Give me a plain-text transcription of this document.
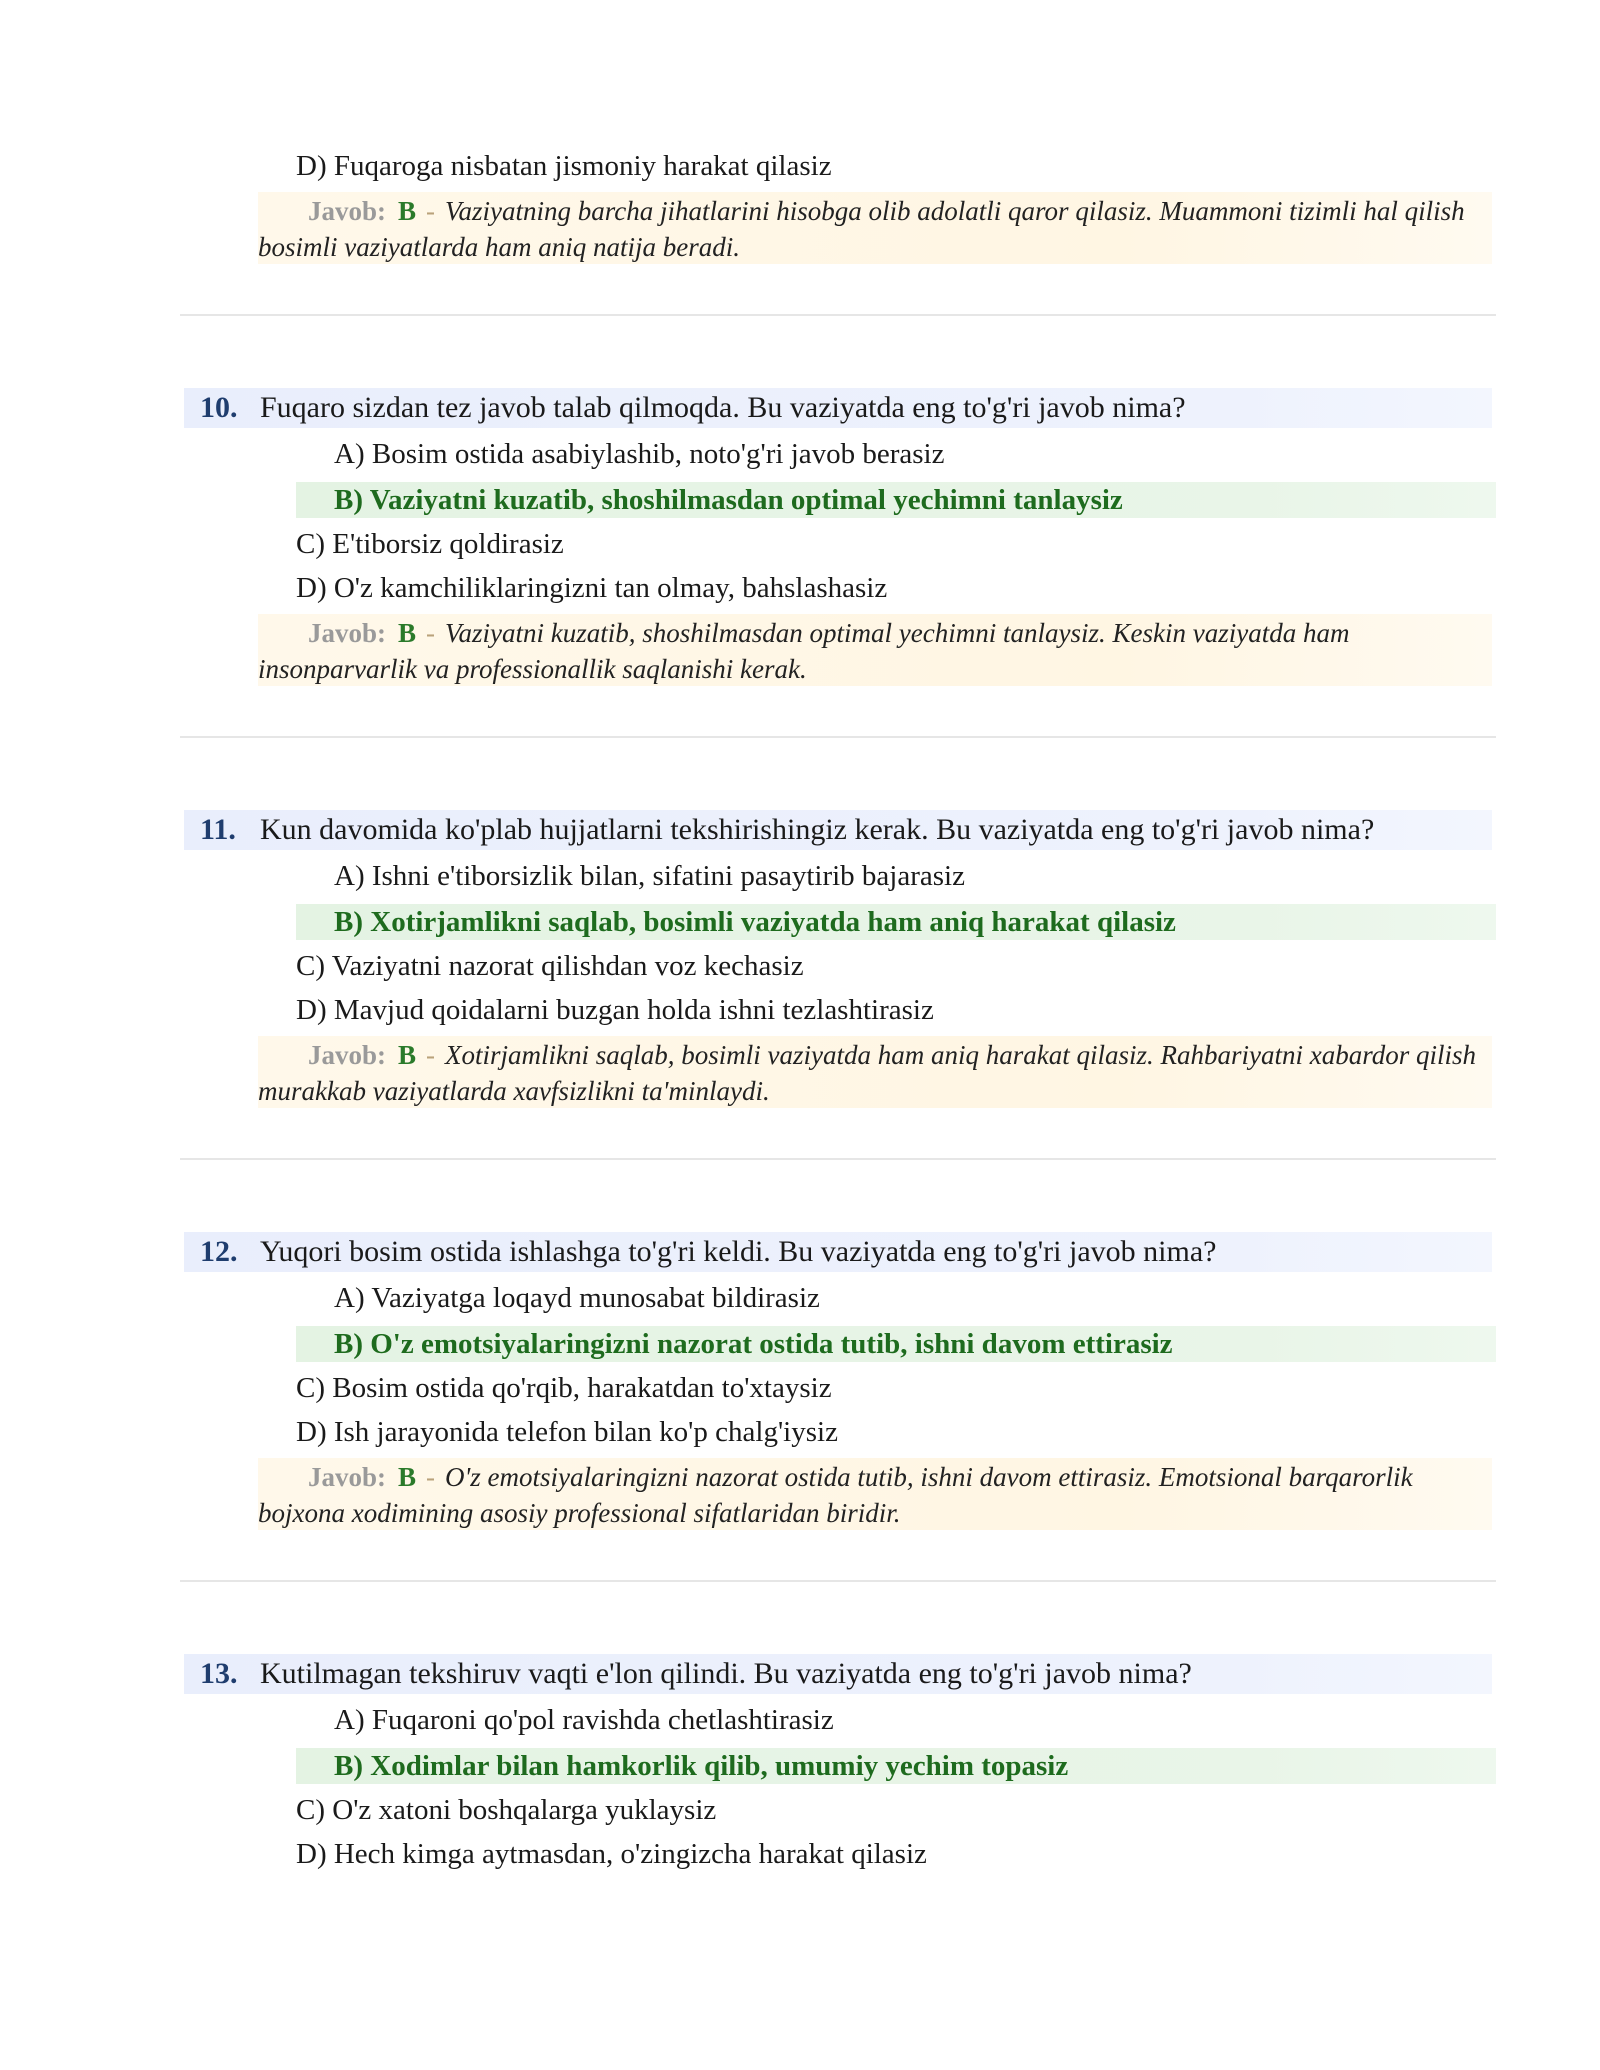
D) Fuqaroga nisbatan jismoniy harakat qilasiz
Javob: B - Vaziyatning barcha jihatlarini hisobga olib adolatli qaror qilasiz. Muammoni tizimli hal qilish bosimli vaziyatlarda ham aniq natija beradi.
10. Fuqaro sizdan tez javob talab qilmoqda. Bu vaziyatda eng to'g'ri javob nima?
A) Bosim ostida asabiylashib, noto'g'ri javob berasiz
B) Vaziyatni kuzatib, shoshilmasdan optimal yechimni tanlaysiz
C) E'tiborsiz qoldirasiz
D) O'z kamchiliklaringizni tan olmay, bahslashasiz
Javob: B - Vaziyatni kuzatib, shoshilmasdan optimal yechimni tanlaysiz. Keskin vaziyatda ham insonparvarlik va professionallik saqlanishi kerak.
11. Kun davomida ko'plab hujjatlarni tekshirishingiz kerak. Bu vaziyatda eng to'g'ri javob nima?
A) Ishni e'tiborsizlik bilan, sifatini pasaytirib bajarasiz
B) Xotirjamlikni saqlab, bosimli vaziyatda ham aniq harakat qilasiz
C) Vaziyatni nazorat qilishdan voz kechasiz
D) Mavjud qoidalarni buzgan holda ishni tezlashtirasiz
Javob: B - Xotirjamlikni saqlab, bosimli vaziyatda ham aniq harakat qilasiz. Rahbariyatni xabardor qilish murakkab vaziyatlarda xavfsizlikni ta'minlaydi.
12. Yuqori bosim ostida ishlashga to'g'ri keldi. Bu vaziyatda eng to'g'ri javob nima?
A) Vaziyatga loqayd munosabat bildirasiz
B) O'z emotsiyalaringizni nazorat ostida tutib, ishni davom ettirasiz
C) Bosim ostida qo'rqib, harakatdan to'xtaysiz
D) Ish jarayonida telefon bilan ko'p chalg'iysiz
Javob: B - O'z emotsiyalaringizni nazorat ostida tutib, ishni davom ettirasiz. Emotsional barqarorlik bojxona xodimining asosiy professional sifatlaridan biridir.
13. Kutilmagan tekshiruv vaqti e'lon qilindi. Bu vaziyatda eng to'g'ri javob nima?
A) Fuqaroni qo'pol ravishda chetlashtirasiz
B) Xodimlar bilan hamkorlik qilib, umumiy yechim topasiz
C) O'z xatoni boshqalarga yuklaysiz
D) Hech kimga aytmasdan, o'zingizcha harakat qilasiz
